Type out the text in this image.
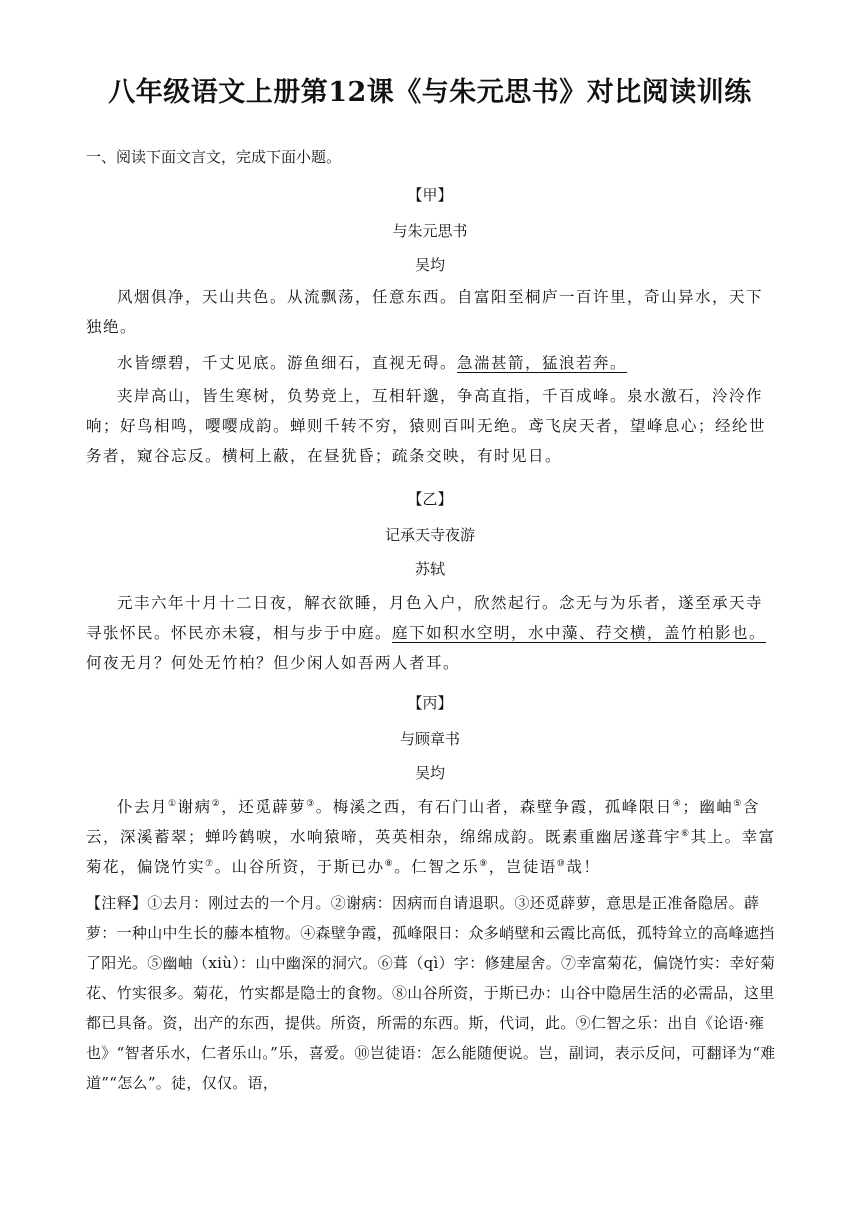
八年级语文上册第12课《与朱元思书》对比阅读训练
一、阅读下面文言文，完成下面小题。
【甲】
与朱元思书
吴均

风烟俱净，天山共色。从流飘荡，任意东西。自富阳至桐庐一百许里，奇山异水，天下独绝。

水皆缥碧，千丈见底。游鱼细石，直视无碍。急湍甚箭，猛浪若奔。

夹岸高山，皆生寒树，负势竞上，互相轩邈，争高直指，千百成峰。泉水激石，泠泠作响；好鸟相鸣，嘤嘤成韵。蝉则千转不穷，猿则百叫无绝。鸢飞戾天者，望峰息心；经纶世务者，窥谷忘反。横柯上蔽，在昼犹昏；疏条交映，有时见日。

【乙】
记承天寺夜游
苏轼

元丰六年十月十二日夜，解衣欲睡，月色入户，欣然起行。念无与为乐者，遂至承天寺寻张怀民。怀民亦未寝，相与步于中庭。庭下如积水空明，水中藻、荇交横，盖竹柏影也。何夜无月？何处无竹柏？但少闲人如吾两人者耳。

【丙】
与顾章书
吴均

仆去月①谢病②，还觅薜萝③。梅溪之西，有石门山者，森壁争霞，孤峰限日④；幽岫⑤含云，深溪蓄翠；蝉吟鹤唳，水响猿啼，英英相杂，绵绵成韵。既素重幽居遂葺宇⑥其上。幸富菊花，偏饶竹实⑦。山谷所资，于斯已办⑧。仁智之乐⑨，岂徒语⑩哉！

【注释】①去月：刚过去的一个月。②谢病：因病而自请退职。③还觅薜萝，意思是正准备隐居。薜萝：一种山中生长的藤本植物。④森壁争霞，孤峰限日：众多峭壁和云霞比高低，孤特耸立的高峰遮挡了阳光。⑤幽岫（xiù）：山中幽深的洞穴。⑥葺（qì）字：修建屋舍。⑦幸富菊花，偏饶竹实：幸好菊花、竹实很多。菊花，竹实都是隐士的食物。⑧山谷所资，于斯已办：山谷中隐居生活的必需品，这里都已具备。资，出产的东西，提供。所资，所需的东西。斯，代词，此。⑨仁智之乐：出自《论语·雍也》“智者乐水，仁者乐山。”乐，喜爱。⑩岂徒语：怎么能随便说。岂，副词，表示反问，可翻译为“难道”“怎么”。徒，仅仅。语，
